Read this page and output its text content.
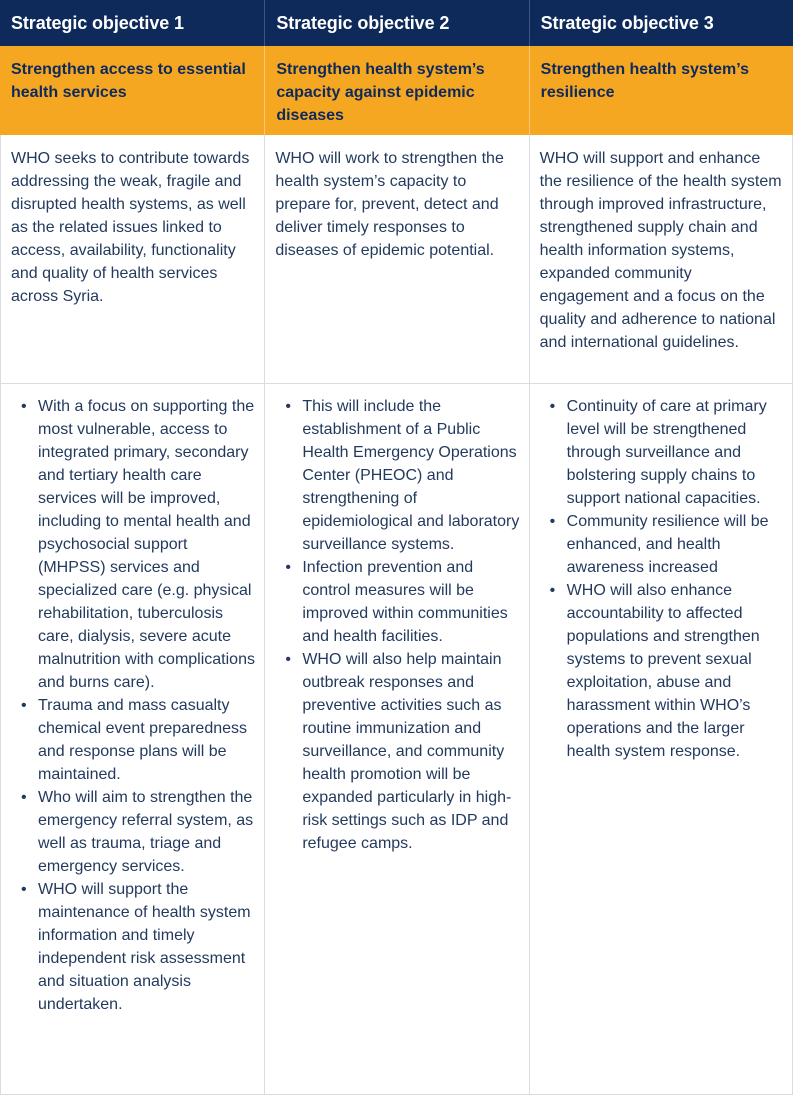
Strategic objective 1	Strategic objective 2	Strategic objective 3
Strengthen access to essential health services
Strengthen health system’s capacity against epidemic diseases
Strengthen health system’s resilience
WHO seeks to contribute towards addressing the weak, fragile and disrupted health systems, as well as the related issues linked to access, availability, functionality and quality of health services across Syria.
WHO will work to strengthen the health system’s capacity to prepare for, prevent, detect and deliver timely responses to diseases of epidemic potential.
WHO will support and enhance the resilience of the health system through improved infrastructure, strengthened supply chain and health information systems, expanded community engagement and a focus on the quality and adherence to national and international guidelines.
• With a focus on supporting the most vulnerable, access to integrated primary, secondary and tertiary health care services will be improved, including to mental health and psychosocial support (MHPSS) services and specialized care (e.g. physical rehabilitation, tuberculosis care, dialysis, severe acute malnutrition with complications and burns care).
• Trauma and mass casualty chemical event preparedness and response plans will be maintained.
• Who will aim to strengthen the emergency referral system, as well as trauma, triage and emergency services.
• WHO will support the maintenance of health system information and timely independent risk assessment and situation analysis undertaken.
• This will include the establishment of a Public Health Emergency Operations Center (PHEOC) and strengthening of epidemiological and laboratory surveillance systems.
• Infection prevention and control measures will be improved within communities and health facilities.
• WHO will also help maintain outbreak responses and preventive activities such as routine immunization and surveillance, and community health promotion will be expanded particularly in high-risk settings such as IDP and refugee camps.
• Continuity of care at primary level will be strengthened through surveillance and bolstering supply chains to support national capacities.
• Community resilience will be enhanced, and health awareness increased
• WHO will also enhance accountability to affected populations and strengthen systems to prevent sexual exploitation, abuse and harassment within WHO’s operations and the larger health system response.
